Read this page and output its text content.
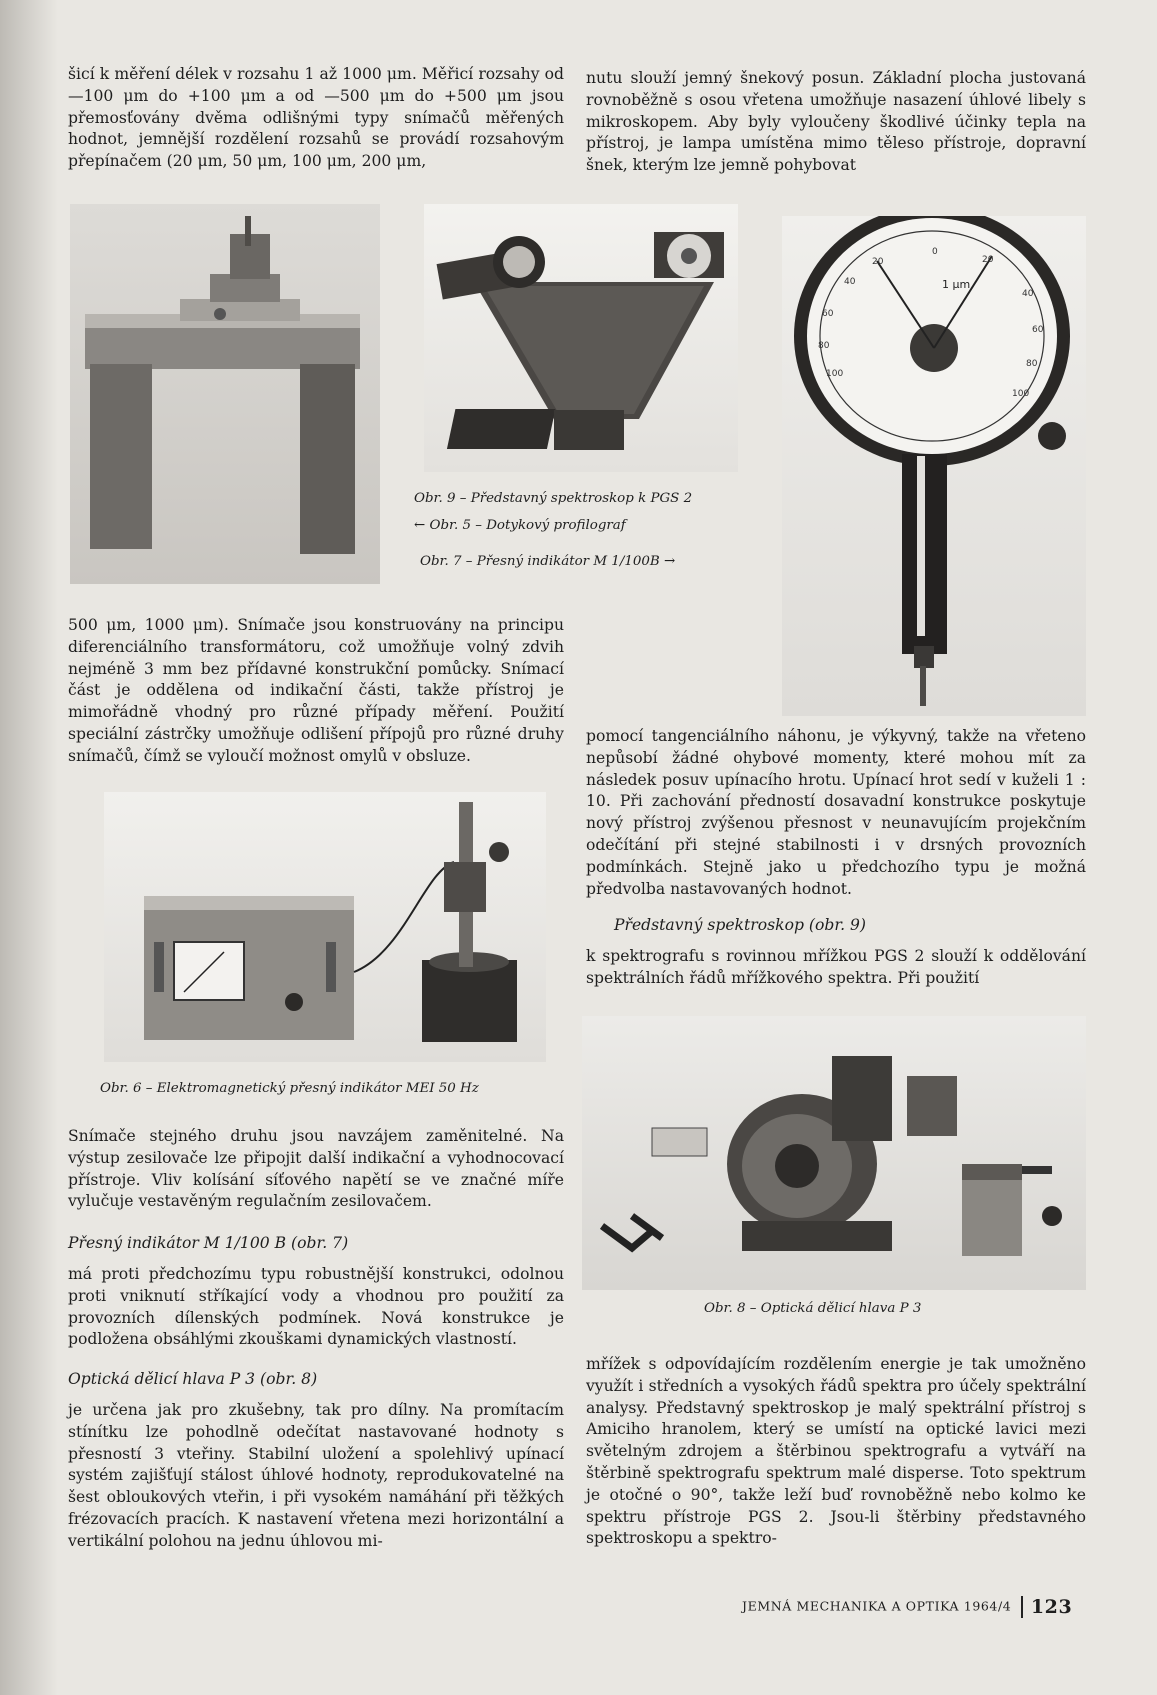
šicí k měření délek v rozsahu 1 až 1000 μm. Měřicí rozsahy od —100 μm do +100 μm a od —500 μm do +500 μm jsou přemosťovány dvěma odlišnými typy snímačů měřených hodnot, jemnější rozdělení rozsahů se provádí rozsahovým přepínačem (20 μm, 50 μm, 100 μm, 200 μm,

nutu slouží jemný šnekový posun. Základní plocha justovaná rovnoběžně s osou vřetena umožňuje nasazení úhlové libely s mikroskopem. Aby byly vyloučeny škodlivé účinky tepla na přístroj, je lampa umístěna mimo těleso přístroje, dopravní šnek, kterým lze jemně pohybovat

1 μm
20
40
60
80
100
0
20
40
60
80
100
Obr. 9 – Představný spektroskop k PGS 2
← Obr. 5 – Dotykový profilograf
Obr. 7 – Přesný indikátor M 1/100B →

500 μm, 1000 μm). Snímače jsou konstruovány na principu diferenciálního transformátoru, což umožňuje volný zdvih nejméně 3 mm bez přídavné konstrukční pomůcky. Snímací část je oddělena od indikační části, takže přístroj je mimořádně vhodný pro různé případy měření. Použití speciální zástrčky umožňuje odlišení přípojů pro různé druhy snímačů, čímž se vyloučí možnost omylů v obsluze.

Obr. 6 – Elektromagnetický přesný indikátor MEI 50 Hz

Snímače stejného druhu jsou navzájem zaměnitelné. Na výstup zesilovače lze připojit další indikační a vyhodnocovací přístroje. Vliv kolísání síťového napětí se ve značné míře vylučuje vestavěným regulačním zesilovačem.

Přesný indikátor M 1/100 B (obr. 7)

má proti předchozímu typu robustnější konstrukci, odolnou proti vniknutí stříkající vody a vhodnou pro použití za provozních dílenských podmínek. Nová konstrukce je podložena obsáhlými zkouškami dynamických vlastností.

Optická dělicí hlava P 3 (obr. 8)

je určena jak pro zkušebny, tak pro dílny. Na promítacím stínítku lze pohodlně odečítat nastavované hodnoty s přesností 3 vteřiny. Stabilní uložení a spolehlivý upínací systém zajišťují stálost úhlové hodnoty, reprodukovatelné na šest obloukových vteřin, i při vysokém namáhání při těžkých frézovacích pracích. K nastavení vřetena mezi horizontální a vertikální polohou na jednu úhlovou mi-

pomocí tangenciálního náhonu, je výkyvný, takže na vřeteno nepůsobí žádné ohybové momenty, které mohou mít za následek posuv upínacího hrotu. Upínací hrot sedí v kuželi 1 : 10. Při zachování předností dosavadní konstrukce poskytuje nový přístroj zvýšenou přesnost v neunavujícím projekčním odečítání při stejné stabilnosti i v drsných provozních podmínkách. Stejně jako u předchozího typu je možná předvolba nastavovaných hodnot.

Představný spektroskop (obr. 9)

k spektrografu s rovinnou mřížkou PGS 2 slouží k oddělování spektrálních řádů mřížkového spektra. Při použití

Obr. 8 – Optická dělicí hlava P 3

mřížek s odpovídajícím rozdělením energie je tak umožněno využít i středních a vysokých řádů spektra pro účely spektrální analysy. Představný spektroskop je malý spektrální přístroj s Amiciho hranolem, který se umístí na optické lavici mezi světelným zdrojem a štěrbinou spektrografu a vytváří na štěrbině spektrografu spektrum malé disperse. Toto spektrum je otočné o 90°, takže leží buď rovnoběžně nebo kolmo ke spektru přístroje PGS 2. Jsou-li štěrbiny představného spektroskopu a spektro-

JEMNÁ MECHANIKA A OPTIKA 1964/4 123
